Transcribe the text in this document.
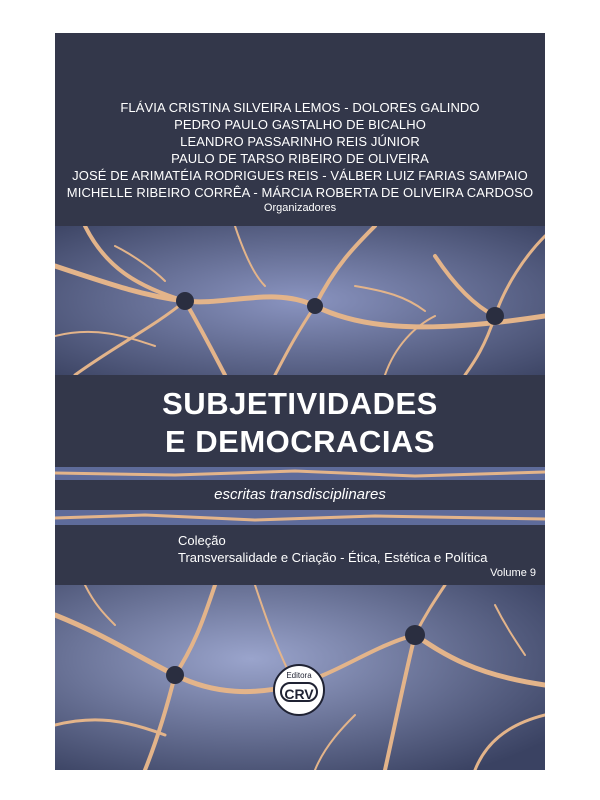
FLÁVIA CRISTINA SILVEIRA LEMOS - DOLORES GALINDO
PEDRO PAULO GASTALHO DE BICALHO
LEANDRO PASSARINHO REIS JÚNIOR
PAULO DE TARSO RIBEIRO DE OLIVEIRA
JOSÉ DE ARIMATÉIA RODRIGUES REIS - VÁLBER LUIZ FARIAS SAMPAIO
MICHELLE RIBEIRO CORRÊA - MÁRCIA ROBERTA DE OLIVEIRA CARDOSO
Organizadores
SUBJETIVIDADES
E DEMOCRACIAS
escritas transdisciplinares
Coleção
Transversalidade e Criação - Ética, Estética e Política
Volume 9
Editora
CRV
